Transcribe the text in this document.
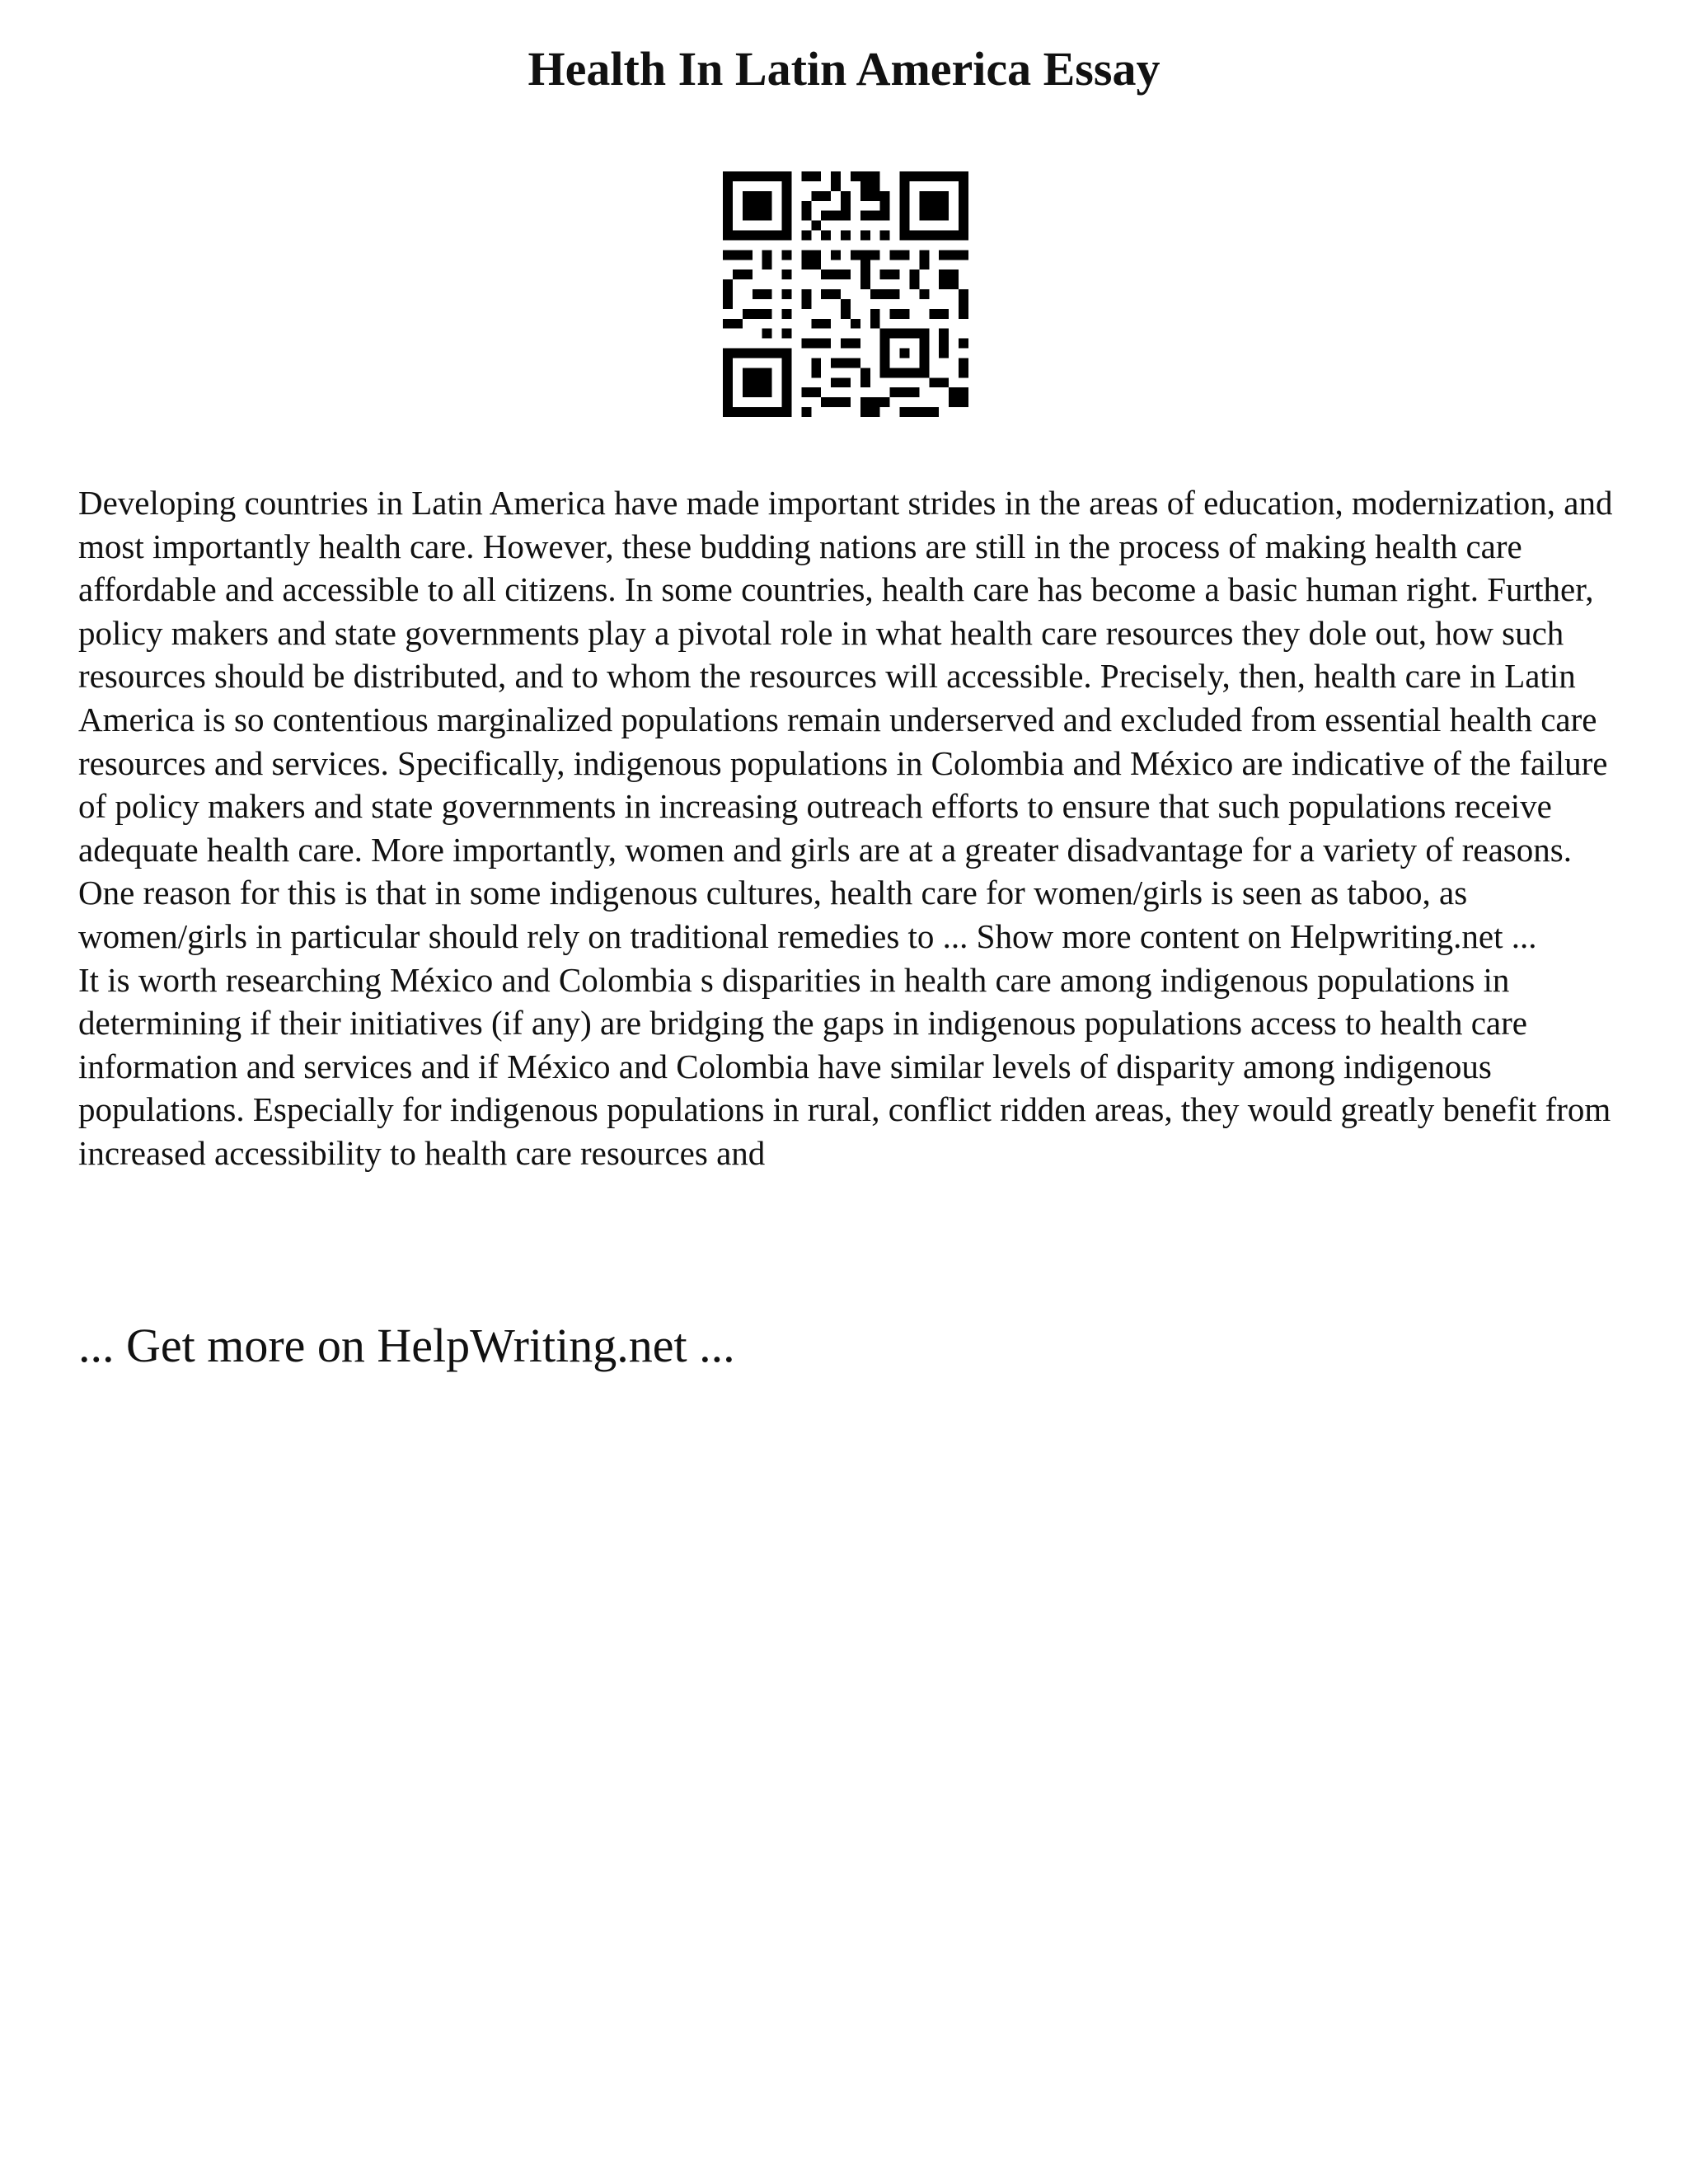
Health In Latin America Essay

Developing countries in Latin America have made important strides in the areas of education, modernization, and most importantly health care. However, these budding nations are still in the process of making health care affordable and accessible to all citizens. In some countries, health care has become a basic human right. Further, policy makers and state governments play a pivotal role in what health care resources they dole out, how such resources should be distributed, and to whom the resources will accessible. Precisely, then, health care in Latin America is so contentious marginalized populations remain underserved and excluded from essential health care resources and services. Specifically, indigenous populations in Colombia and México are indicative of the failure of policy makers and state governments in increasing outreach efforts to ensure that such populations receive adequate health care. More importantly, women and girls are at a greater disadvantage for a variety of reasons. One reason for this is that in some indigenous cultures, health care for women/girls is seen as taboo, as women/girls in particular should rely on traditional remedies to ... Show more content on Helpwriting.net ...

It is worth researching México and Colombia s disparities in health care among indigenous populations in determining if their initiatives (if any) are bridging the gaps in indigenous populations access to health care information and services and if México and Colombia have similar levels of disparity among indigenous populations. Especially for indigenous populations in rural, conflict ridden areas, they would greatly benefit from increased accessibility to health care resources and

... Get more on HelpWriting.net ...
